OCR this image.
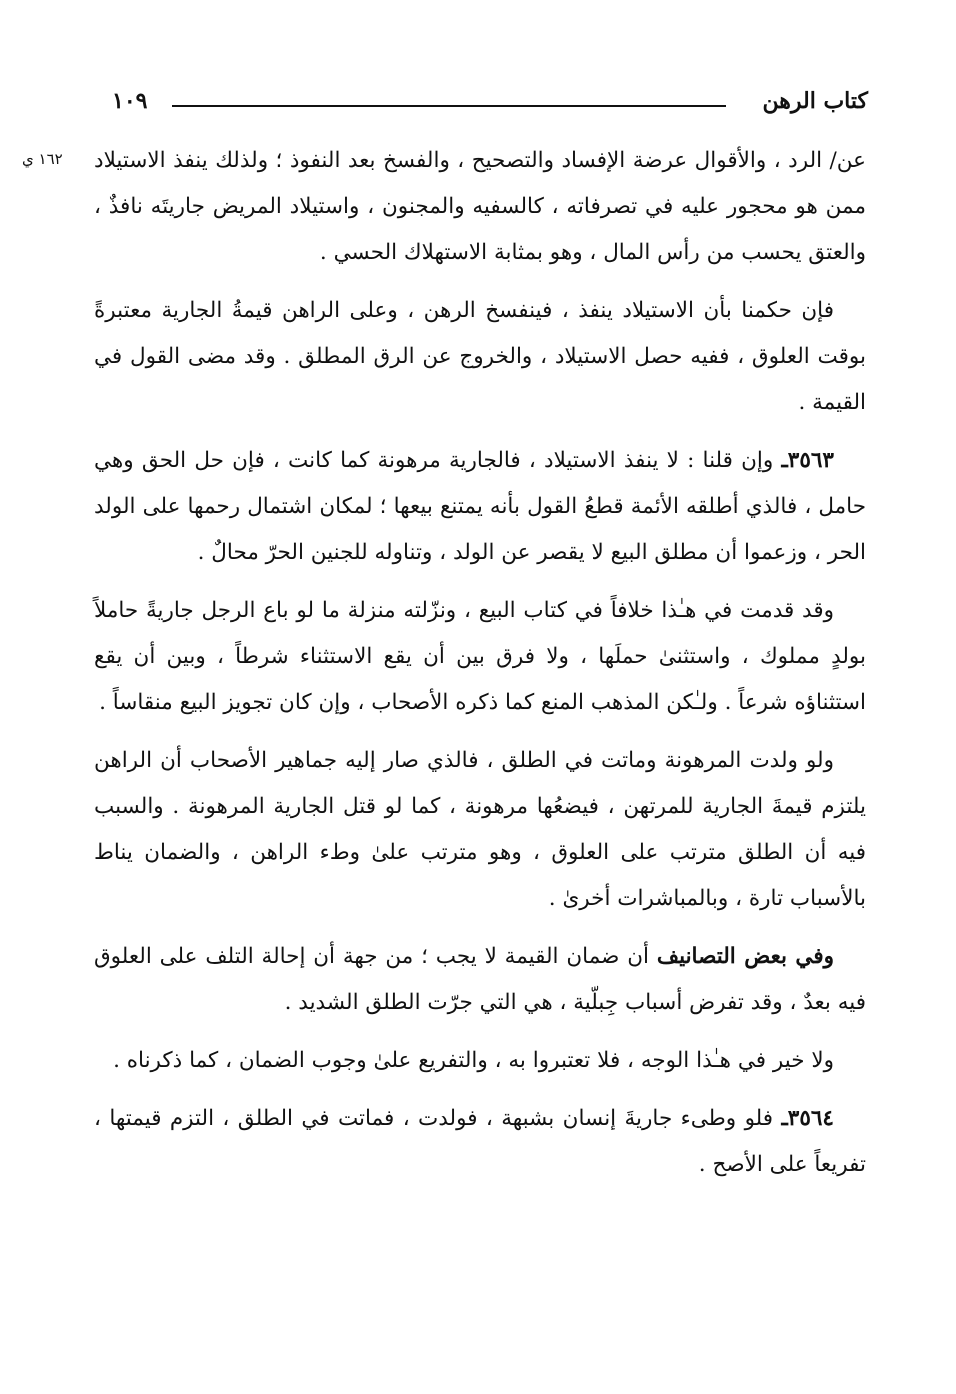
كتاب الرهن
١٠٩
١٦٢ ي	عن/ الرد ، والأقوال عرضة الإفساد والتصحيح ، والفسخ بعد النفوذ ؛ ولذلك ينفذ الاستيلاد ممن هو محجور عليه في تصرفاته ، كالسفيه والمجنون ، واستيلاد المريض جاريتَه نافذٌ ، والعتق يحسب من رأس المال ، وهو بمثابة الاستهلاك الحسي .

فإن حكمنا بأن الاستيلاد ينفذ ، فينفسخ الرهن ، وعلى الراهن قيمةُ الجارية معتبرةً بوقت العلوق ، ففيه حصل الاستيلاد ، والخروج عن الرق المطلق . وقد مضى القول في القيمة .

٣٥٦٣ـ وإن قلنا : لا ينفذ الاستيلاد ، فالجارية مرهونة كما كانت ، فإن حل الحق وهي حامل ، فالذي أطلقه الأئمة قطعُ القول بأنه يمتنع بيعها ؛ لمكان اشتمال رحمها على الولد الحر ، وزعموا أن مطلق البيع لا يقصر عن الولد ، وتناوله للجنين الحرّ محالٌ .

وقد قدمت في هـٰذا خلافاً في كتاب البيع ، ونزّلته منزلة ما لو باع الرجل جاريةً حاملاً بولدٍ مملوك ، واستثنىٰ حملَها ، ولا فرق بين أن يقع الاستثناء شرطاً ، وبين أن يقع استثناؤه شرعاً . ولـٰكن المذهب المنع كما ذكره الأصحاب ، وإن كان تجويز البيع منقاساً .

ولو ولدت المرهونة وماتت في الطلق ، فالذي صار إليه جماهير الأصحاب أن الراهن يلتزم قيمةَ الجارية للمرتهن ، فيضعُها مرهونة ، كما لو قتل الجارية المرهونة . والسبب فيه أن الطلق مترتب على العلوق ، وهو مترتب علىٰ وطء الراهن ، والضمان يناط بالأسباب تارة ، وبالمباشرات أخرىٰ .

وفي بعض التصانيف أن ضمان القيمة لا يجب ؛ من جهة أن إحالة التلف على العلوق فيه بعدٌ ، وقد تفرض أسباب جِبلّية ، هي التي جرّت الطلق الشديد .

ولا خير في هـٰذا الوجه ، فلا تعتبروا به ، والتفريع علىٰ وجوب الضمان ، كما ذكرناه .

٣٥٦٤ـ فلو وطىء جاريةَ إنسان بشبهة ، فولدت ، فماتت في الطلق ، التزم قيمتها ، تفريعاً على الأصح .
